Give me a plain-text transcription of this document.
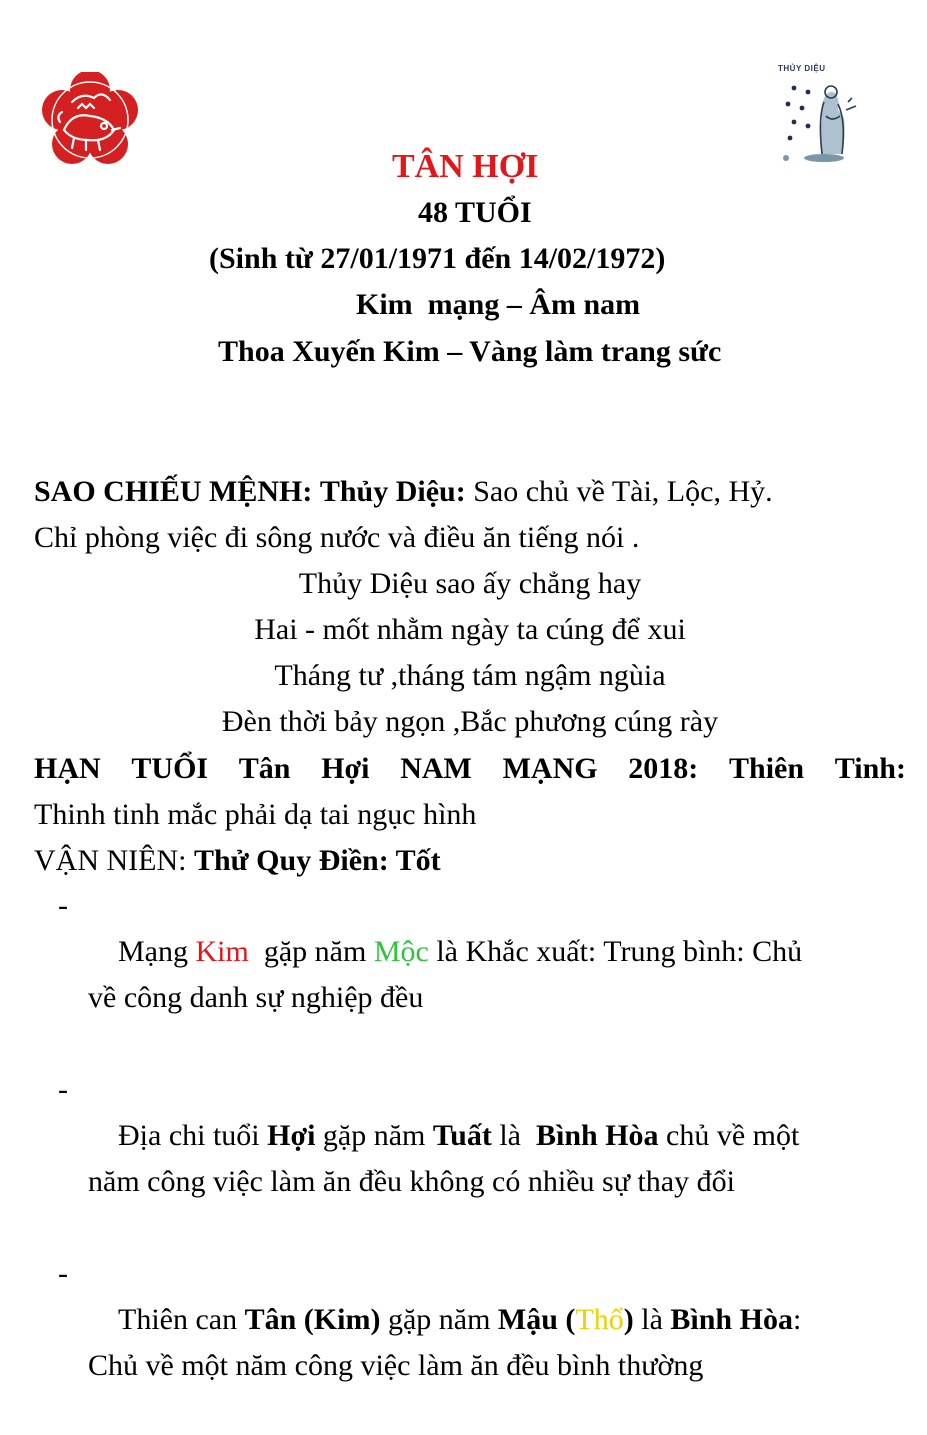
THỦY DIỆU
TÂN HỢI
48 TUỔI
(Sinh từ 27/01/1971 đến 14/02/1972)
Kim  mạng – Âm nam
Thoa Xuyến Kim – Vàng làm trang sức
SAO CHIẾU MỆNH: Thủy Diệu: Sao chủ về Tài, Lộc, Hỷ.
Chỉ phòng việc đi sông nước và điều ăn tiếng nói .
Thủy Diệu sao ấy chẳng hay
Hai - mốt nhằm ngày ta cúng để xui
Tháng tư ,tháng tám ngậm ngùia
Đèn thời bảy ngọn ,Bắc phương cúng rày
HẠN TUỔI Tân Hợi NAM MẠNG 2018: Thiên Tinh:
Thinh tinh mắc phải dạ tai ngục hình
VẬN NIÊN: Thử Quy Điền: Tốt

-
Mạng Kim  gặp năm Mộc là Khắc xuất: Trung bình: Chủ
về công danh sự nghiệp đều

-
Địa chi tuổi Hợi gặp năm Tuất là  Bình Hòa chủ về một
năm công việc làm ăn đều không có nhiều sự thay đổi

-
Thiên can Tân (Kim) gặp năm Mậu (Thổ) là Bình Hòa:
Chủ về một năm công việc làm ăn đều bình thường
